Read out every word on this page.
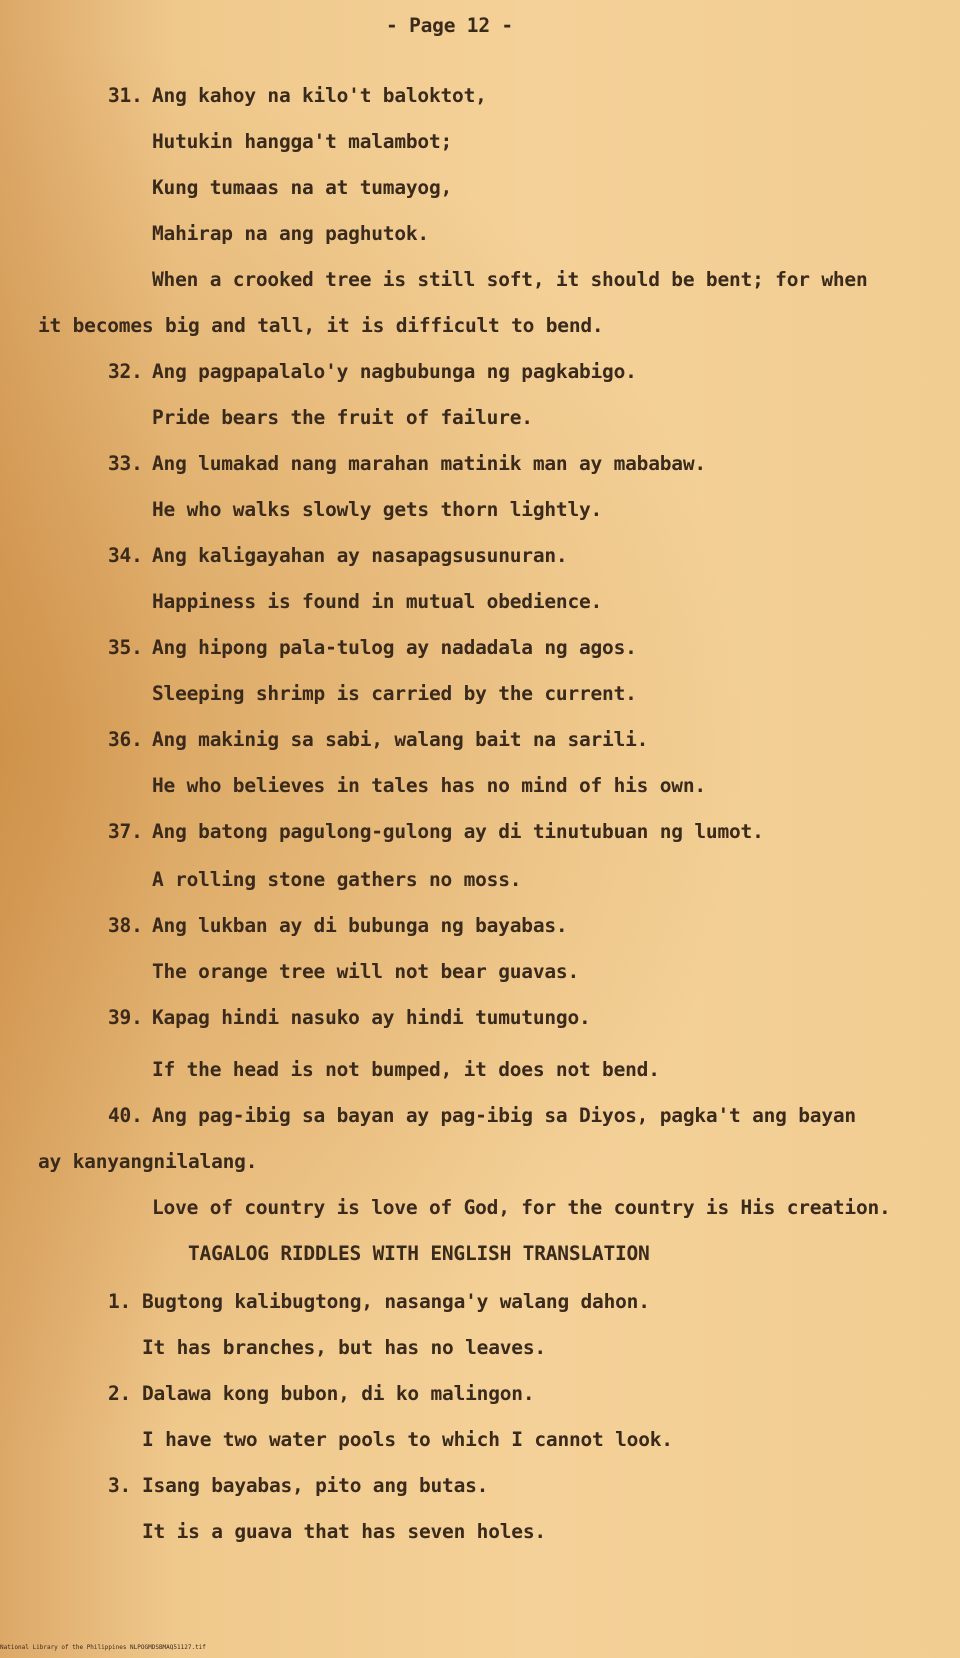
- Page 12 -
31. Ang kahoy na kilo't baloktot,
Hutukin hangga't malambot;
Kung tumaas na at tumayog,
Mahirap na ang paghutok.
When a crooked tree is still soft, it should be bent; for when
it becomes big and tall, it is difficult to bend.
32. Ang pagpapalalo'y nagbubunga ng pagkabigo.
Pride bears the fruit of failure.
33. Ang lumakad nang marahan matinik man ay mababaw.
He who walks slowly gets thorn lightly.
34. Ang kaligayahan ay nasapagsusunuran.
Happiness is found in mutual obedience.
35. Ang hipong pala-tulog ay nadadala ng agos.
Sleeping shrimp is carried by the current.
36. Ang makinig sa sabi, walang bait na sarili.
He who believes in tales has no mind of his own.
37. Ang batong pagulong-gulong ay di tinutubuan ng lumot.
A rolling stone gathers no moss.
38. Ang lukban ay di bubunga ng bayabas.
The orange tree will not bear guavas.
39. Kapag hindi nasuko ay hindi tumutungo.
If the head is not bumped, it does not bend.
40. Ang pag-ibig sa bayan ay pag-ibig sa Diyos, pagka't ang bayan
ay kanyangnilalang.
Love of country is love of God, for the country is His creation.
TAGALOG RIDDLES WITH ENGLISH TRANSLATION
1. Bugtong kalibugtong, nasanga'y walang dahon.
It has branches, but has no leaves.
2. Dalawa kong bubon, di ko malingon.
I have two water pools to which I cannot look.
3. Isang bayabas, pito ang butas.
It is a guava that has seven holes.
National Library of the Philippines NLPOGMDSBMAQ51127.tif
